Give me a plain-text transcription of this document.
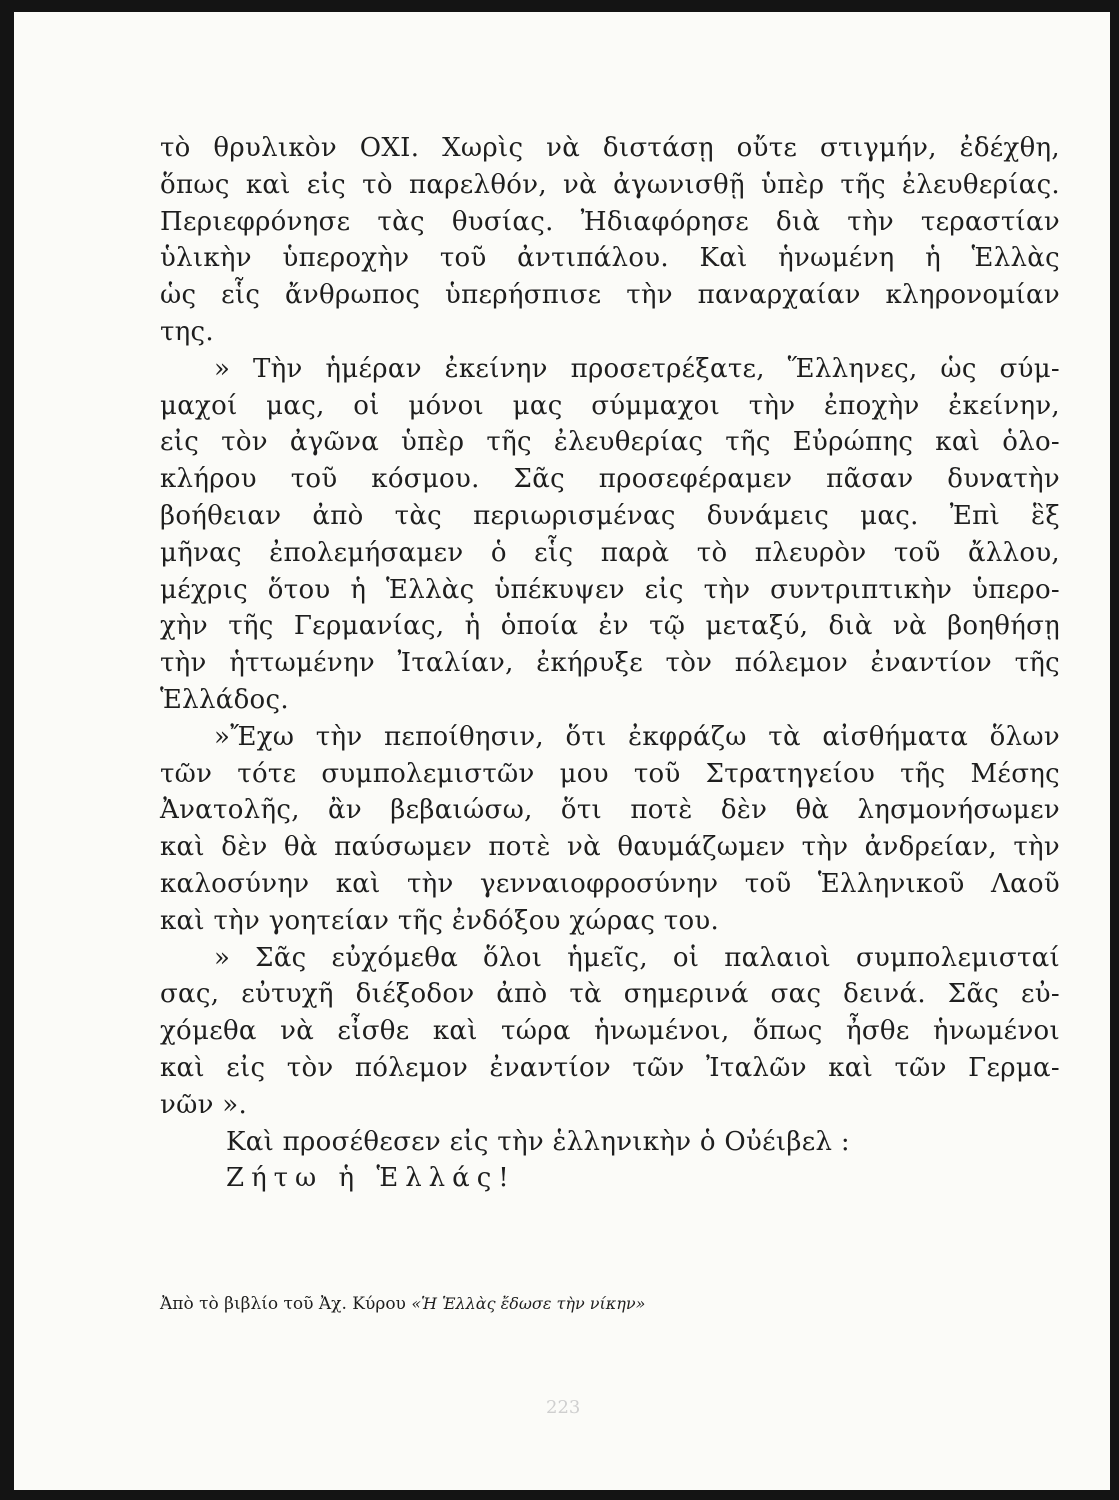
τὸ θρυλικὸν ΟΧΙ. Χωρὶς νὰ διστάσῃ οὔτε στιγμήν, ἐδέχθη,
ὅπως καὶ εἰς τὸ παρελθόν, νὰ ἀγωνισθῇ ὑπὲρ τῆς ἐλευθερίας.
Περιεφρόνησε τὰς θυσίας. Ἠδιαφόρησε διὰ τὴν τεραστίαν
ὑλικὴν ὑπεροχὴν τοῦ ἀντιπάλου. Καὶ ἡνωμένη ἡ Ἑλλὰς
ὡς εἷς ἄνθρωπος ὑπερήσπισε τὴν παναρχαίαν κληρονομίαν
της.
» Τὴν ἡμέραν ἐκείνην προσετρέξατε, Ἕλληνες, ὡς σύμ-
μαχοί μας, οἱ μόνοι μας σύμμαχοι τὴν ἐποχὴν ἐκείνην,
εἰς τὸν ἀγῶνα ὑπὲρ τῆς ἐλευθερίας τῆς Εὐρώπης καὶ ὁλο-
κλήρου τοῦ κόσμου. Σᾶς προσεφέραμεν πᾶσαν δυνατὴν
βοήθειαν ἀπὸ τὰς περιωρισμένας δυνάμεις μας. Ἐπὶ ἓξ
μῆνας ἐπολεμήσαμεν ὁ εἷς παρὰ τὸ πλευρὸν τοῦ ἄλλου,
μέχρις ὅτου ἡ Ἑλλὰς ὑπέκυψεν εἰς τὴν συντριπτικὴν ὑπερο-
χὴν τῆς Γερμανίας, ἡ ὁποία ἐν τῷ μεταξύ, διὰ νὰ βοηθήσῃ
τὴν ἡττωμένην Ἰταλίαν, ἐκήρυξε τὸν πόλεμον ἐναντίον τῆς
Ἑλλάδος.
»Ἔχω τὴν πεποίθησιν, ὅτι ἐκφράζω τὰ αἰσθήματα ὅλων
τῶν τότε συμπολεμιστῶν μου τοῦ Στρατηγείου τῆς Μέσης
Ἀνατολῆς, ἂν βεβαιώσω, ὅτι ποτὲ δὲν θὰ λησμονήσωμεν
καὶ δὲν θὰ παύσωμεν ποτὲ νὰ θαυμάζωμεν τὴν ἀνδρείαν, τὴν
καλοσύνην καὶ τὴν γενναιοφροσύνην τοῦ Ἑλληνικοῦ Λαοῦ
καὶ τὴν γοητείαν τῆς ἐνδόξου χώρας του.
» Σᾶς εὐχόμεθα ὅλοι ἡμεῖς, οἱ παλαιοὶ συμπολεμισταί
σας, εὐτυχῆ διέξοδον ἀπὸ τὰ σημερινά σας δεινά. Σᾶς εὐ-
χόμεθα νὰ εἶσθε καὶ τώρα ἡνωμένοι, ὅπως ἦσθε ἡνωμένοι
καὶ εἰς τὸν πόλεμον ἐναντίον τῶν Ἰταλῶν καὶ τῶν Γερμα-
νῶν ».
Καὶ προσέθεσεν εἰς τὴν ἑλληνικὴν ὁ Οὐέιβελ :
Ζήτω ἡ Ἑλλάς!
Ἀπὸ τὸ βιβλίο τοῦ Ἀχ. Κύρου «Ἡ Ἑλλὰς ἔδωσε τὴν νίκην»
223
